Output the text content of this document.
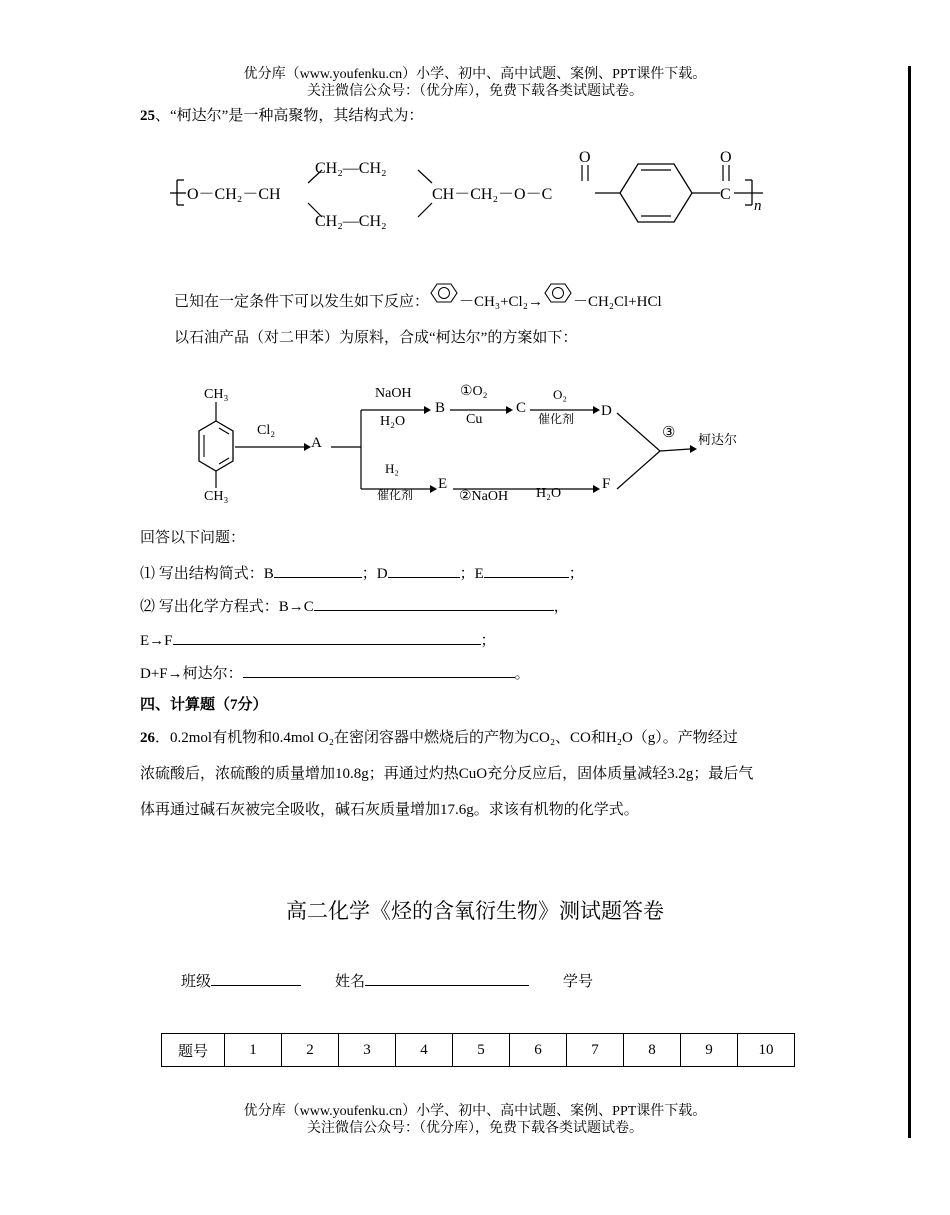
优分库（www.youfenku.cn）小学、初中、高中试题、案例、PPT课件下载。
关注微信公众号：（优分库），免费下载各类试题试卷。
25、“柯达尔”是一种高聚物，其结构式为：
O－CH₂－CH
CH₂—CH₂
CH₂—CH₂
CH－CH₂－O－C
O	O
C
n
已知在一定条件下可以发生如下反应： －CH₃+Cl₂→ －CH₂Cl+HCl
以石油产品（对二甲苯）为原料，合成“柯达尔”的方案如下：
CH₃
CH₃
Cl₂
A
NaOH
H₂O
B
①O₂
Cu
C
O₂
催化剂 D
H₂
催化剂
E
②NaOH H₂O
F
③ 柯达尔
回答以下问题：
⑴ 写出结构简式：B	；D	；E	；
⑵ 写出化学方程式：B→C	，
E→F	；
D+F→柯达尔：	。
四、计算题（7分）
26．0.2mol有机物和0.4mol O₂在密闭容器中燃烧后的产物为CO₂、CO和H₂O（g）。产物经过
浓硫酸后，浓硫酸的质量增加10.8g；再通过灼热CuO充分反应后，固体质量减轻3.2g；最后气
体再通过碱石灰被完全吸收，碱石灰质量增加17.6g。求该有机物的化学式。
高二化学《烃的含氧衍生物》测试题答卷
班级	姓名	学号
题号	1	2	3	4	5	6	7	8	9	10
优分库（www.youfenku.cn）小学、初中、高中试题、案例、PPT课件下载。
关注微信公众号：（优分库），免费下载各类试题试卷。
